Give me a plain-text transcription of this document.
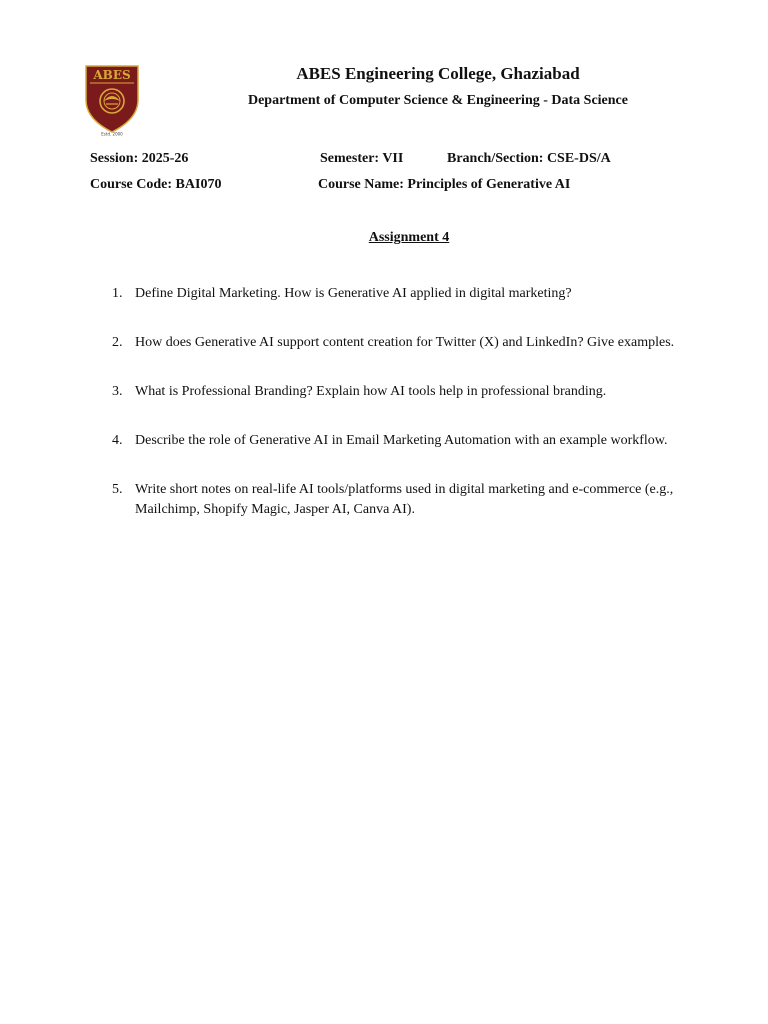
ABES
Estd. 2000
ABES Engineering College, Ghaziabad
Department of Computer Science & Engineering - Data Science
Session: 2025-26	Semester: VII	Branch/Section: CSE-DS/A
Course Code: BAI070	Course Name: Principles of Generative AI
Assignment 4
1. Define Digital Marketing. How is Generative AI applied in digital marketing?
2. How does Generative AI support content creation for Twitter (X) and LinkedIn? Give examples.
3. What is Professional Branding? Explain how AI tools help in professional branding.
4. Describe the role of Generative AI in Email Marketing Automation with an example workflow.
5. Write short notes on real-life AI tools/platforms used in digital marketing and e-commerce (e.g., Mailchimp, Shopify Magic, Jasper AI, Canva AI).
